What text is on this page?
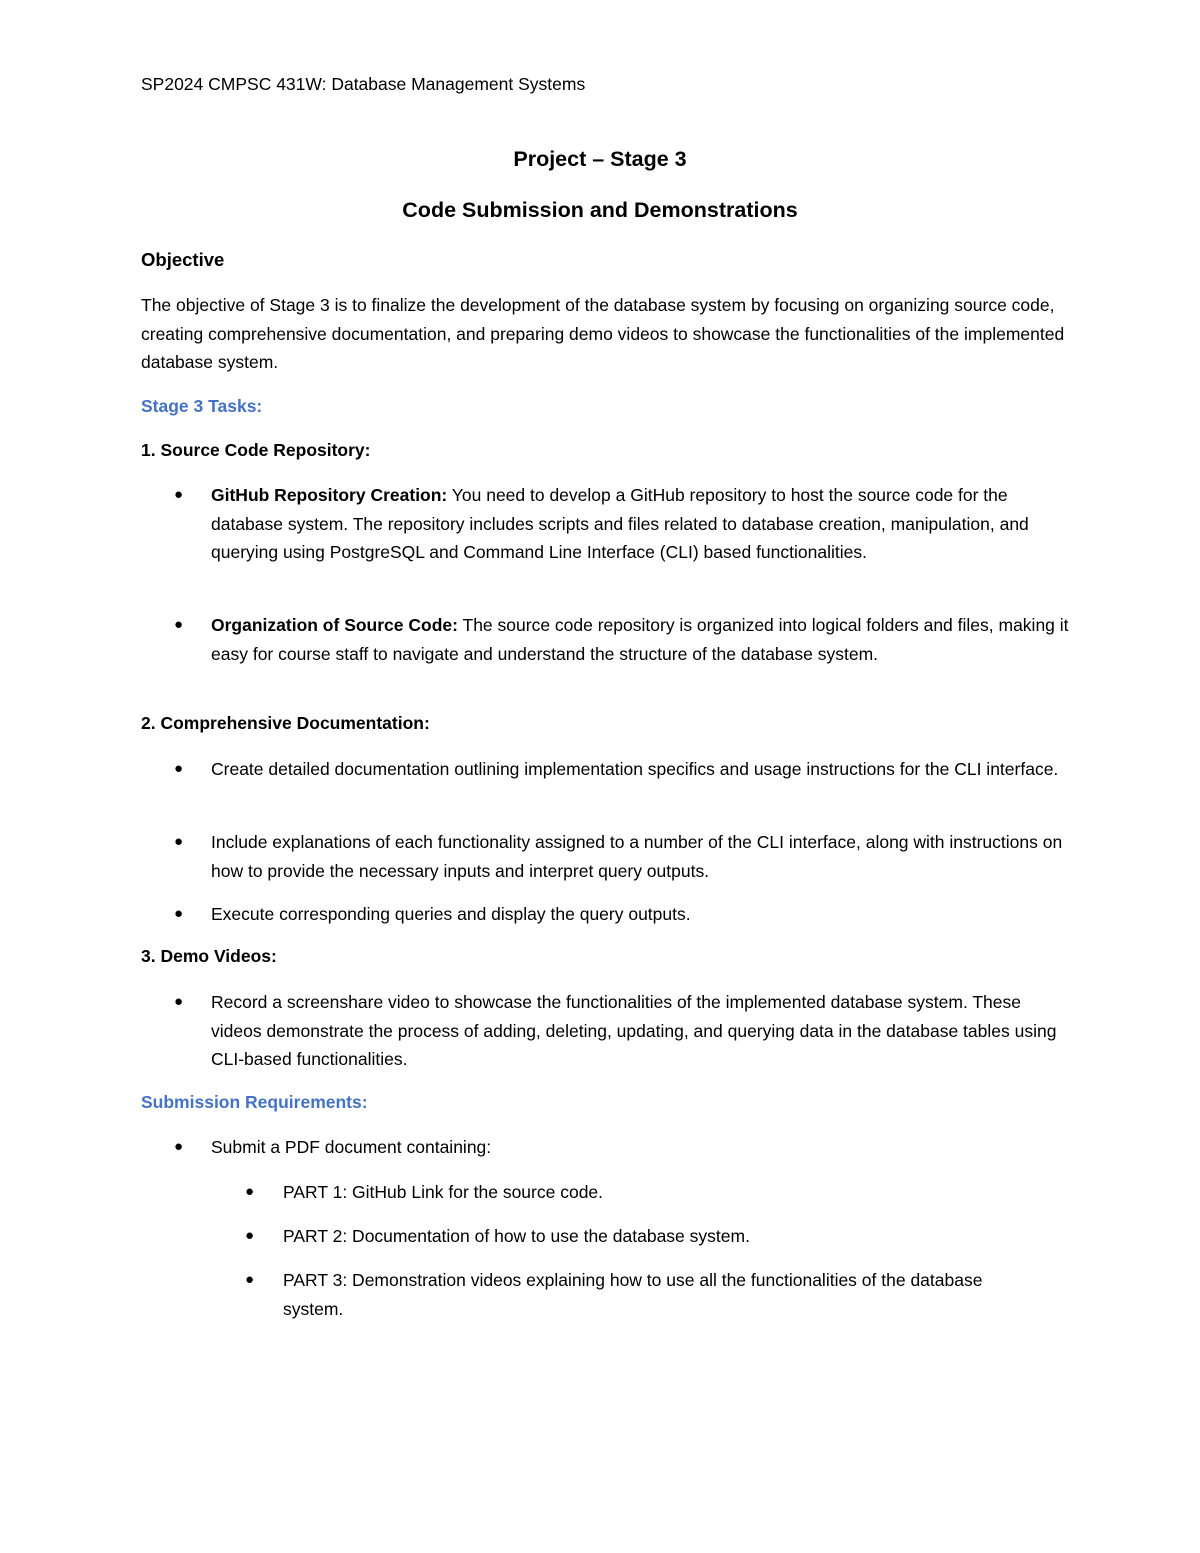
SP2024 CMPSC 431W: Database Management Systems
Project – Stage 3
Code Submission and Demonstrations
Objective
The objective of Stage 3 is to finalize the development of the database system by focusing on organizing source code, creating comprehensive documentation, and preparing demo videos to showcase the functionalities of the implemented database system.
Stage 3 Tasks:
1. Source Code Repository:
● GitHub Repository Creation: You need to develop a GitHub repository to host the source code for the database system. The repository includes scripts and files related to database creation, manipulation, and querying using PostgreSQL and Command Line Interface (CLI) based functionalities.
● Organization of Source Code: The source code repository is organized into logical folders and files, making it easy for course staff to navigate and understand the structure of the database system.
2. Comprehensive Documentation:
● Create detailed documentation outlining implementation specifics and usage instructions for the CLI interface.
● Include explanations of each functionality assigned to a number of the CLI interface, along with instructions on how to provide the necessary inputs and interpret query outputs.
● Execute corresponding queries and display the query outputs.
3. Demo Videos:
● Record a screenshare video to showcase the functionalities of the implemented database system. These videos demonstrate the process of adding, deleting, updating, and querying data in the database tables using CLI-based functionalities.
Submission Requirements:
● Submit a PDF document containing:
● PART 1: GitHub Link for the source code.
● PART 2: Documentation of how to use the database system.
● PART 3: Demonstration videos explaining how to use all the functionalities of the database system.
